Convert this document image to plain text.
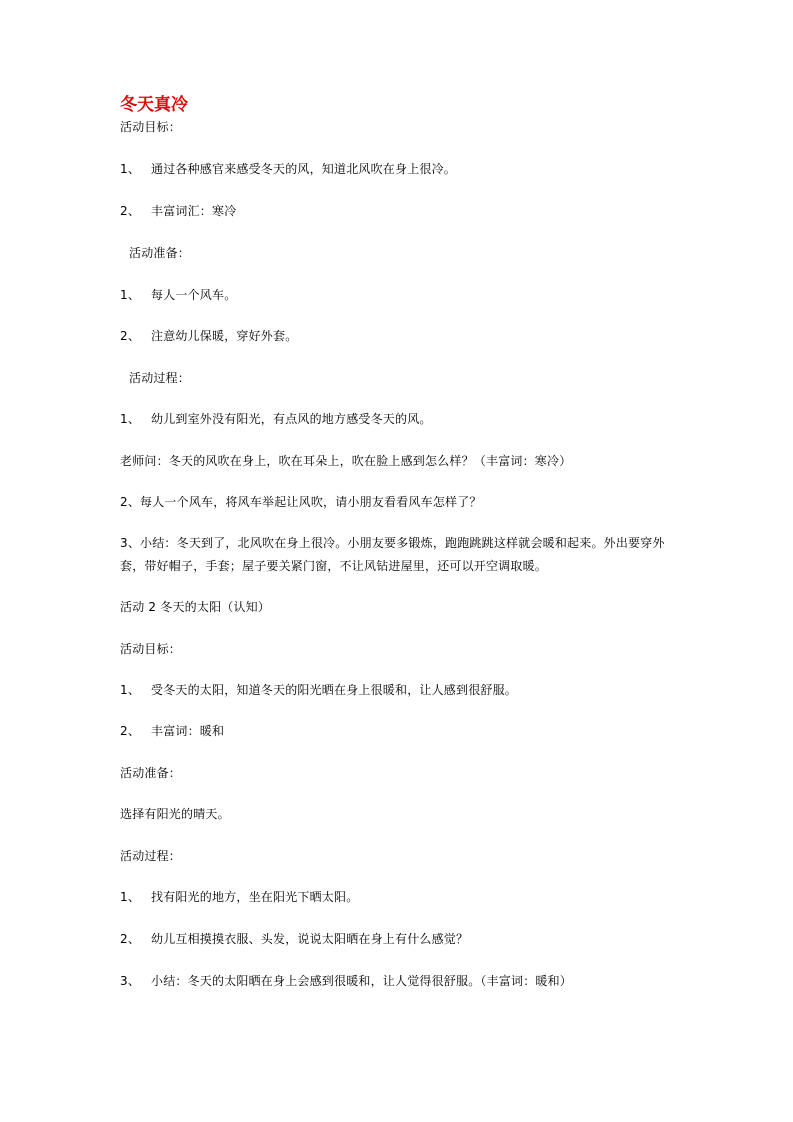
冬天真冷
活动目标：
1、 通过各种感官来感受冬天的风，知道北风吹在身上很冷。
2、 丰富词汇：寒冷
活动准备：
1、 每人一个风车。
2、 注意幼儿保暖，穿好外套。
活动过程：
1、 幼儿到室外没有阳光，有点风的地方感受冬天的风。
老师问：冬天的风吹在身上，吹在耳朵上，吹在脸上感到怎么样？（丰富词：寒冷）
2、每人一个风车，将风车举起让风吹，请小朋友看看风车怎样了？
3、小结：冬天到了，北风吹在身上很冷。小朋友要多锻炼，跑跑跳跳这样就会暖和起来。外出要穿外套，带好帽子，手套；屋子要关紧门窗，不让风钻进屋里，还可以开空调取暖。
活动 2 冬天的太阳（认知）
活动目标：
1、 受冬天的太阳，知道冬天的阳光晒在身上很暖和，让人感到很舒服。
2、 丰富词：暖和
活动准备：
选择有阳光的晴天。
活动过程：
1、 找有阳光的地方，坐在阳光下晒太阳。
2、 幼儿互相摸摸衣服、头发，说说太阳晒在身上有什么感觉？
3、 小结：冬天的太阳晒在身上会感到很暖和，让人觉得很舒服。（丰富词：暖和）
